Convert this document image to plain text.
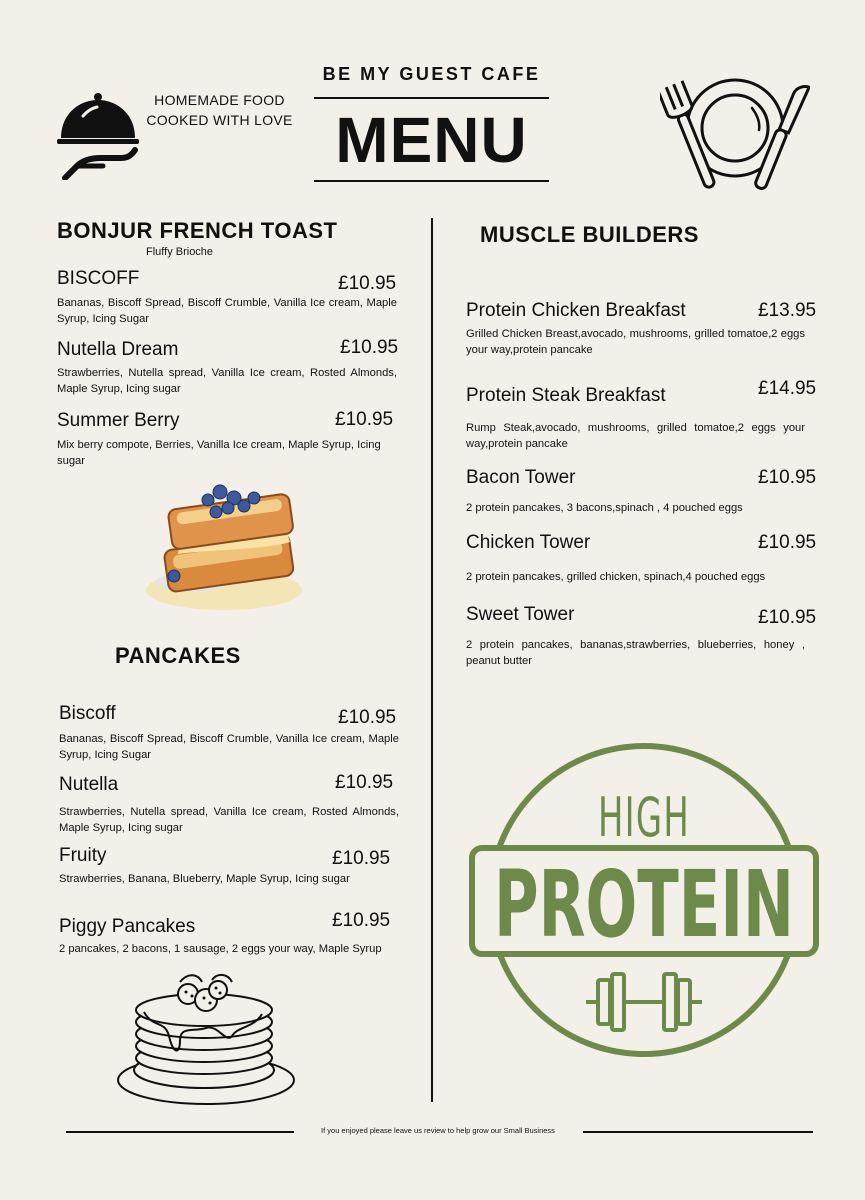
HOMEMADE FOOD
COOKED WITH LOVE
BE MY GUEST CAFE
MENU
BONJUR FRENCH TOAST
Fluffy Brioche
BISCOFF	£10.95
Bananas, Biscoff Spread, Biscoff Crumble, Vanilla Ice cream, Maple Syrup, Icing Sugar
Nutella Dream	£10.95
Strawberries, Nutella spread, Vanilla Ice cream, Rosted Almonds, Maple Syrup, Icing sugar
Summer Berry	£10.95
Mix berry compote, Berries, Vanilla Ice cream, Maple Syrup, Icing sugar
PANCAKES
Biscoff	£10.95
Bananas, Biscoff Spread, Biscoff Crumble, Vanilla Ice cream, Maple Syrup, Icing Sugar
Nutella	£10.95
Strawberries, Nutella spread, Vanilla Ice cream, Rosted Almonds, Maple Syrup, Icing sugar
Fruity	£10.95
Strawberries, Banana, Blueberry, Maple Syrup, Icing sugar
Piggy Pancakes	£10.95
2 pancakes, 2 bacons, 1 sausage, 2 eggs your way, Maple Syrup
MUSCLE BUILDERS
Protein Chicken Breakfast	£13.95
Grilled Chicken Breast,avocado, mushrooms, grilled tomatoe,2 eggs your way,protein pancake
Protein Steak Breakfast	£14.95
Rump Steak,avocado, mushrooms, grilled tomatoe,2 eggs your way,protein pancake
Bacon Tower	£10.95
2 protein pancakes, 3 bacons,spinach , 4 pouched eggs
Chicken Tower	£10.95
2 protein pancakes, grilled chicken, spinach,4 pouched eggs
Sweet Tower	£10.95
2 protein pancakes, bananas,strawberries, blueberries, honey , peanut butter
HIGH
PROTEIN
If you enjoyed please leave us review to help grow our Small Business
